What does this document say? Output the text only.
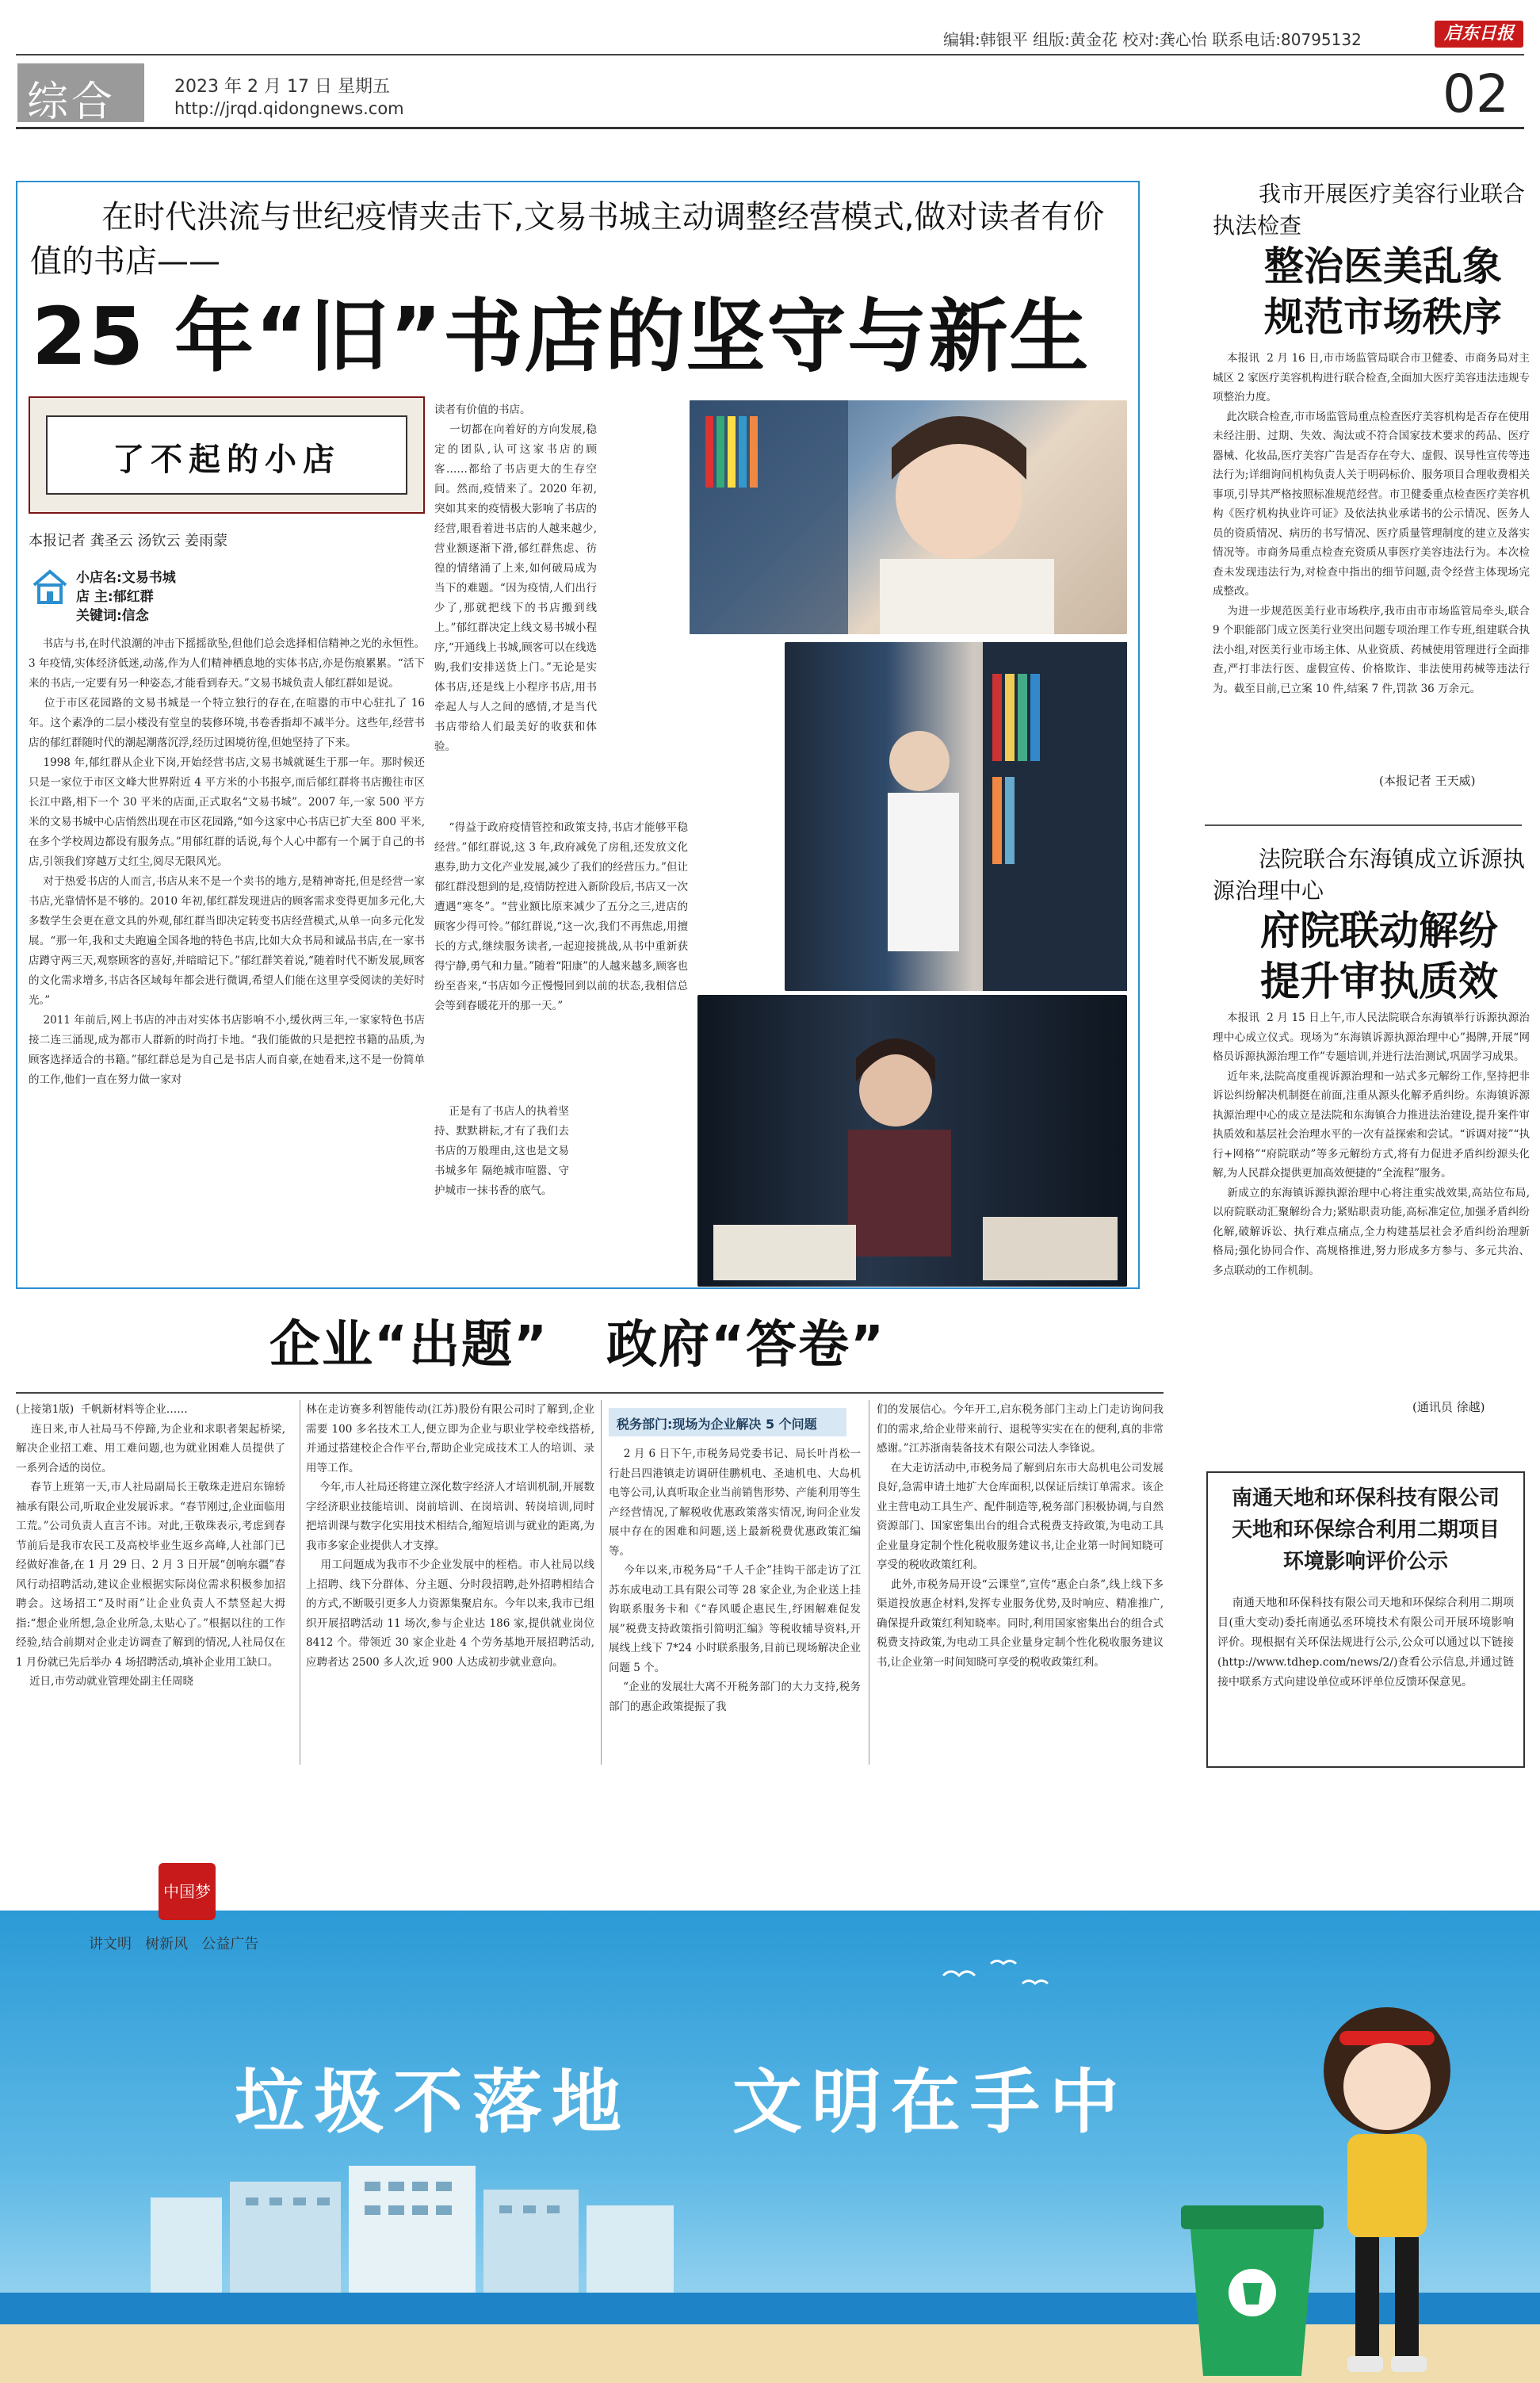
编辑:韩银平 组版:黄金花 校对:龚心怡 联系电话:80795132	启东日报
综合	2023 年 2 月 17 日 星期五
http://jrqd.qidongnews.com	02
在时代洪流与世纪疫情夹击下,文易书城主动调整经营模式,做对读者有价值的书店——
25 年“旧”书店的坚守与新生
了不起的小店
本报记者 龚圣云 汤钦云 姜雨蒙
小店名:文易书城
店 主:郁红群
关键词:信念
书店与书,在时代浪潮的冲击下摇摇欲坠,但他们总会选择相信精神之光的永恒性。3 年疫情,实体经济低迷,动荡,作为人们精神栖息地的实体书店,亦是伤痕累累。“活下来的书店,一定要有另一种姿态,才能看到春天。”文易书城负责人郁红群如是说。
位于市区花园路的文易书城是一个特立独行的存在,在喧嚣的市中心驻扎了 16 年。这个素净的二层小楼没有堂皇的装修环境,书卷香指却不减半分。这些年,经营书店的郁红群随时代的潮起潮落沉浮,经历过困境彷徨,但她坚持了下来。
1998 年,郁红群从企业下岗,开始经营书店,文易书城就诞生于那一年。那时候还只是一家位于市区文峰大世界附近 4 平方米的小书报亭,而后郁红群将书店搬往市区长江中路,相下一个 30 平米的店面,正式取名“文易书城”。2007 年,一家 500 平方米的文易书城中心店悄然出现在市区花园路,“如今这家中心书店已扩大至 800 平米,在多个学校周边都设有服务点。”用郁红群的话说,每个人心中都有一个属于自己的书店,引领我们穿越万丈红尘,阅尽无限风光。
对于热爱书店的人而言,书店从来不是一个卖书的地方,是精神寄托,但是经营一家书店,光靠情怀是不够的。2010 年初,郁红群发现进店的顾客需求变得更加多元化,大多数学生会更在意文具的外观,郁红群当即决定转变书店经营模式,从单一向多元化发展。“那一年,我和丈夫跑遍全国各地的特色书店,比如大众书局和诚品书店,在一家书店蹲守两三天,观察顾客的喜好,并暗暗记下。”郁红群笑着说,“随着时代不断发展,顾客的文化需求增多,书店各区域每年都会进行微调,希望人们能在这里享受阅读的美好时光。”
2011 年前后,网上书店的冲击对实体书店影响不小,缓伙两三年,一家家特色书店接二连三涌现,成为都市人群新的时尚打卡地。“我们能做的只是把控书籍的品质,为顾客选择适合的书籍。”郁红群总是为自己是书店人而自豪,在她看来,这不是一份简单的工作,他们一直在努力做一家对
读者有价值的书店。
一切都在向着好的方向发展,稳定的团队,认可这家书店的顾客……都给了书店更大的生存空间。然而,疫情来了。2020 年初,突如其来的疫情极大影响了书店的经营,眼看着进书店的人越来越少,营业额逐渐下滑,郁红群焦虑、彷徨的情绪涌了上来,如何破局成为当下的难题。“因为疫情,人们出行少了,那就把线下的书店搬到线上。”郁红群决定上线文易书城小程序,“开通线上书城,顾客可以在线选购,我们安排送货上门。”无论是实体书店,还是线上小程序书店,用书牵起人与人之间的感情,才是当代书店带给人们最美好的收获和体验。
“得益于政府疫情管控和政策支持,书店才能够平稳经营。”郁红群说,这 3 年,政府减免了房租,还发放文化惠券,助力文化产业发展,减少了我们的经营压力。”但让郁红群没想到的是,疫情防控进入新阶段后,书店又一次遭遇“寒冬”。“营业额比原来减少了五分之三,进店的顾客少得可怜。”郁红群说,“这一次,我们不再焦虑,用擅长的方式,继续服务读者,一起迎接挑战,从书中重新获得宁静,勇气和力量。”随着“阳康”的人越来越多,顾客也纷至沓来,“书店如今正慢慢回到以前的状态,我相信总会等到春暖花开的那一天。”
正是有了书店人的执着坚持、默默耕耘,才有了我们去书店的万般理由,这也是文易书城多年 隔绝城市喧嚣、守护城市一抹书香的底气。
我市开展医疗美容行业联合执法检查
整治医美乱象
规范市场秩序
本报讯  2 月 16 日,市市场监管局联合市卫健委、市商务局对主城区 2 家医疗美容机构进行联合检查,全面加大医疗美容违法违规专项整治力度。
此次联合检查,市市场监管局重点检查医疗美容机构是否存在使用未经注册、过期、失效、淘汰或不符合国家技术要求的药品、医疗器械、化妆品,医疗美容广告是否存在夸大、虚假、误导性宣传等违法行为;详细询问机构负责人关于明码标价、服务项目合理收费相关事项,引导其严格按照标准规范经营。市卫健委重点检查医疗美容机构《医疗机构执业许可证》及依法执业承诺书的公示情况、医务人员的资质情况、病历的书写情况、医疗质量管理制度的建立及落实情况等。市商务局重点检查充资质从事医疗美容违法行为。本次检查未发现违法行为,对检查中指出的细节问题,责令经营主体现场完成整改。
为进一步规范医美行业市场秩序,我市由市市场监管局牵头,联合 9 个职能部门成立医美行业突出问题专项治理工作专班,组建联合执法小组,对医美行业市场主体、从业资质、药械使用管理进行全面排查,严打非法行医、虚假宣传、价格欺诈、非法使用药械等违法行为。截至目前,已立案 10 件,结案 7 件,罚款 36 万余元。
(本报记者 王天威)
法院联合东海镇成立诉源执源治理中心
府院联动解纷
提升审执质效
本报讯  2 月 15 日上午,市人民法院联合东海镇举行诉源执源治理中心成立仪式。现场为“东海镇诉源执源治理中心”揭牌,开展“网格员诉源执源治理工作”专题培训,并进行法治测试,巩固学习成果。
近年来,法院高度重视诉源治理和一站式多元解纷工作,坚持把非诉讼纠纷解决机制挺在前面,注重从源头化解矛盾纠纷。东海镇诉源执源治理中心的成立是法院和东海镇合力推进法治建设,提升案件审执质效和基层社会治理水平的一次有益探索和尝试。“诉调对接”“执行+网格”“府院联动”等多元解纷方式,将有力促进矛盾纠纷源头化解,为人民群众提供更加高效便捷的“全流程”服务。
新成立的东海镇诉源执源治理中心将注重实战效果,高站位布局,以府院联动汇聚解纷合力;紧贴职责功能,高标准定位,加强矛盾纠纷化解,破解诉讼、执行难点痛点,全力构建基层社会矛盾纠纷治理新格局;强化协同合作、高规格推进,努力形成多方参与、多元共治、多点联动的工作机制。
(通讯员 徐越)
南通天地和环保科技有限公司
天地和环保综合利用二期项目
环境影响评价公示
南通天地和环保科技有限公司天地和环保综合利用二期项目(重大变动)委托南通弘丞环境技术有限公司开展环境影响评价。现根据有关环保法规进行公示,公众可以通过以下链接(http://www.tdhep.com/news/2/)查看公示信息,并通过链接中联系方式向建设单位或环评单位反馈环保意见。
企业“出题”   政府“答卷”
(上接第1版)  千帆新材料等企业……
连日来,市人社局马不停蹄,为企业和求职者架起桥梁,解决企业招工难、用工难问题,也为就业困难人员提供了一系列合适的岗位。
春节上班第一天,市人社局副局长王敬珠走进启东锦轿袖承有限公司,听取企业发展诉求。“春节刚过,企业面临用工荒。”公司负责人直言不讳。对此,王敬珠表示,考虑到春节前后是我市农民工及高校毕业生返乡高峰,人社部门已经做好准备,在 1 月 29 日、2 月 3 日开展“创响东疆”春风行动招聘活动,建议企业根据实际岗位需求积极参加招聘会。这场招工“及时雨”让企业负责人不禁竖起大拇指:“想企业所想,急企业所急,太贴心了。”根据以往的工作经验,结合前期对企业走访调查了解到的情况,人社局仅在 1 月份就已先后举办 4 场招聘活动,填补企业用工缺口。
近日,市劳动就业管理处副主任周晓
林在走访赛多利智能传动(江苏)股份有限公司时了解到,企业需要 100 多名技术工人,便立即为企业与职业学校牵线搭桥,并通过搭建校企合作平台,帮助企业完成技术工人的培训、录用等工作。
今年,市人社局还将建立深化数字经济人才培训机制,开展数字经济职业技能培训、岗前培训、在岗培训、转岗培训,同时把培训课与数字化实用技术相结合,缩短培训与就业的距离,为我市多家企业提供人才支撑。
用工问题成为我市不少企业发展中的桎梏。市人社局以线上招聘、线下分群体、分主题、分时段招聘,赴外招聘相结合的方式,不断吸引更多人力资源集聚启东。今年以来,我市已组织开展招聘活动 11 场次,参与企业达 186 家,提供就业岗位 8412 个。带领近 30 家企业赴 4 个劳务基地开展招聘活动,应聘者达 2500 多人次,近 900 人达成初步就业意向。
税务部门:现场为企业解决 5 个问题
2 月 6 日下午,市税务局党委书记、局长叶肖松一行赴吕四港镇走访调研佳鹏机电、圣迪机电、大岛机电等公司,认真听取企业当前销售形势、产能利用等生产经营情况,了解税收优惠政策落实情况,询问企业发展中存在的困难和问题,送上最新税费优惠政策汇编等。
今年以来,市税务局“千人千企”挂钩干部走访了江苏东成电动工具有限公司等 28 家企业,为企业送上挂钩联系服务卡和《“春风暖企惠民生,纾困解难促发展”税费支持政策指引简明汇编》等税收辅导资料,开展线上线下 7*24 小时联系服务,目前已现场解决企业问题 5 个。
“企业的发展壮大离不开税务部门的大力支持,税务部门的惠企政策提振了我
们的发展信心。今年开工,启东税务部门主动上门走访询问我们的需求,给企业带来前行、退税等实实在在的便利,真的非常感谢。”江苏浙南装备技术有限公司法人李锋说。
在大走访活动中,市税务局了解到启东市大岛机电公司发展良好,急需申请土地扩大仓库面积,以保证后续订单需求。该企业主营电动工具生产、配件制造等,税务部门积极协调,与自然资源部门、国家密集出台的组合式税费支持政策,为电动工具企业量身定制个性化税收服务建议书,让企业第一时间知晓可享受的税收政策红利。
此外,市税务局开设“云课堂”,宣传“惠企白条”,线上线下多渠道投放惠企材料,发挥专业服务优势,及时响应、精准推广,确保提升政策红利知晓率。同时,利用国家密集出台的组合式税费支持政策,为电动工具企业量身定制个性化税收服务建议书,让企业第一时间知晓可享受的税收政策红利。
中国梦
讲文明   树新风   公益广告
垃圾不落地   文明在手中
